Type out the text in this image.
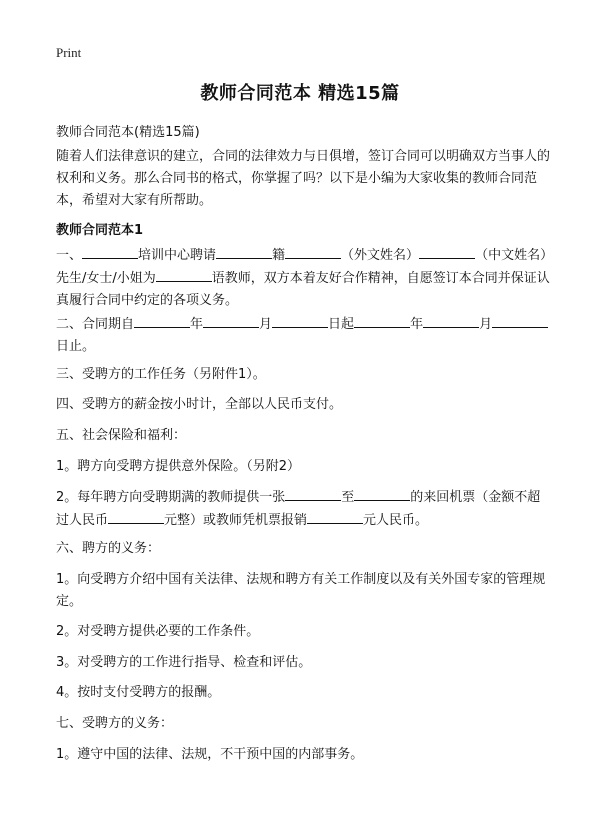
Print
教师合同范本 精选15篇

教师合同范本(精选15篇)

随着人们法律意识的建立，合同的法律效力与日俱增，签订合同可以明确双方当事人的权利和义务。那么合同书的格式，你掌握了吗？以下是小编为大家收集的教师合同范本，希望对大家有所帮助。

教师合同范本1

一、	培训中心聘请	籍	（外文姓名）	（中文姓名）先生/女士/小姐为	语教师，双方本着友好合作精神，自愿签订本合同并保证认真履行合同中约定的各项义务。

二、合同期自	年	月	日起	年	月日止。

三、受聘方的工作任务（另附件1）。

四、受聘方的薪金按小时计，全部以人民币支付。

五、社会保险和福利：

1。聘方向受聘方提供意外保险。（另附2）

2。每年聘方向受聘期满的教师提供一张	至	的来回机票（金额不超过人民币	元整）或教师凭机票报销	元人民币。

六、聘方的义务：

1。向受聘方介绍中国有关法律、法规和聘方有关工作制度以及有关外国专家的管理规定。

2。对受聘方提供必要的工作条件。

3。对受聘方的工作进行指导、检查和评估。

4。按时支付受聘方的报酬。

七、受聘方的义务：

1。遵守中国的法律、法规，不干预中国的内部事务。
